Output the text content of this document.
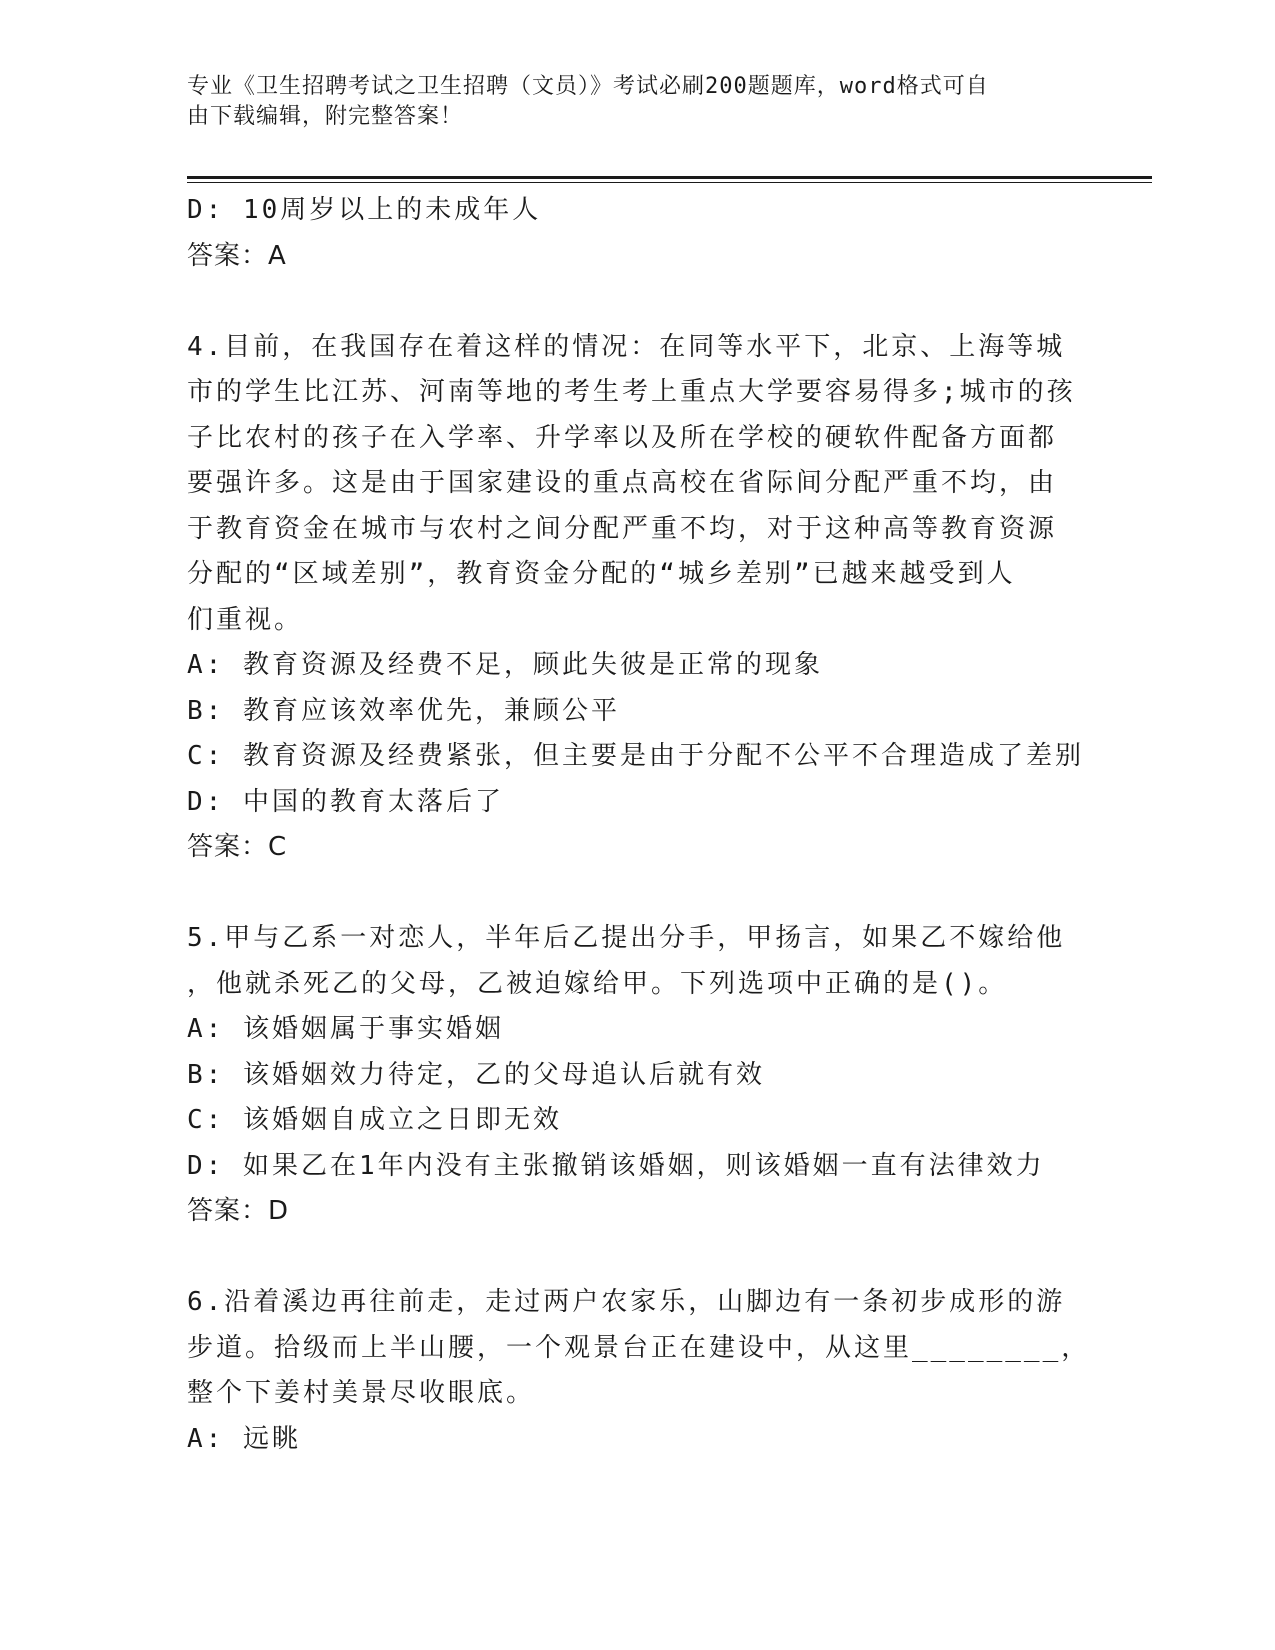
专业《卫生招聘考试之卫生招聘（文员）》考试必刷200题题库，word格式可自
由下载编辑，附完整答案！
D: 10周岁以上的未成年人
答案：A
4.目前，在我国存在着这样的情况：在同等水平下，北京、上海等城
市的学生比江苏、河南等地的考生考上重点大学要容易得多;城市的孩
子比农村的孩子在入学率、升学率以及所在学校的硬软件配备方面都
要强许多。这是由于国家建设的重点高校在省际间分配严重不均，由
于教育资金在城市与农村之间分配严重不均，对于这种高等教育资源
分配的“区域差别”，教育资金分配的“城乡差别”已越来越受到人
们重视。
A: 教育资源及经费不足，顾此失彼是正常的现象
B: 教育应该效率优先，兼顾公平
C: 教育资源及经费紧张，但主要是由于分配不公平不合理造成了差别
D: 中国的教育太落后了
答案：C
5.甲与乙系一对恋人，半年后乙提出分手，甲扬言，如果乙不嫁给他
，他就杀死乙的父母，乙被迫嫁给甲。下列选项中正确的是()。
A: 该婚姻属于事实婚姻
B: 该婚姻效力待定，乙的父母追认后就有效
C: 该婚姻自成立之日即无效
D: 如果乙在1年内没有主张撤销该婚姻，则该婚姻一直有法律效力
答案：D
6.沿着溪边再往前走，走过两户农家乐，山脚边有一条初步成形的游
步道。拾级而上半山腰，一个观景台正在建设中，从这里________，
整个下姜村美景尽收眼底。
A: 远眺
